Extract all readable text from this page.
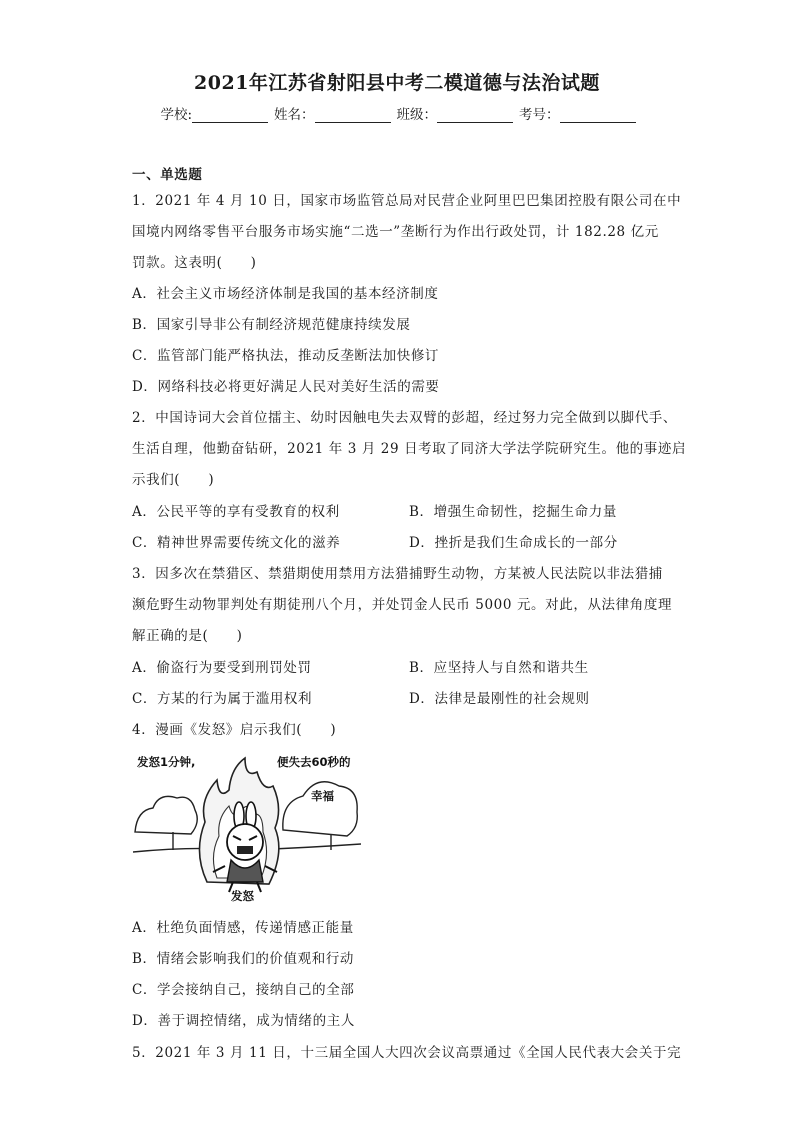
2021年江苏省射阳县中考二模道德与法治试题
学校:	姓名：	班级：	考号：
一、单选题
1．2021 年 4 月 10 日，国家市场监管总局对民营企业阿里巴巴集团控股有限公司在中
国境内网络零售平台服务市场实施“二选一”垄断行为作出行政处罚，计 182.28 亿元
罚款。这表明(　　)
A．社会主义市场经济体制是我国的基本经济制度
B．国家引导非公有制经济规范健康持续发展
C．监管部门能严格执法，推动反垄断法加快修订
D．网络科技必将更好满足人民对美好生活的需要
2．中国诗词大会首位擂主、幼时因触电失去双臂的彭超，经过努力完全做到以脚代手、
生活自理，他勤奋钻研，2021 年 3 月 29 日考取了同济大学法学院研究生。他的事迹启
示我们(　　)
A．公民平等的享有受教育的权利	B．增强生命韧性，挖掘生命力量
C．精神世界需要传统文化的滋养	D．挫折是我们生命成长的一部分
3．因多次在禁猎区、禁猎期使用禁用方法猎捕野生动物，方某被人民法院以非法猎捕
濒危野生动物罪判处有期徒刑八个月，并处罚金人民币 5000 元。对此，从法律角度理
解正确的是(　　)
A．偷盗行为要受到刑罚处罚	B．应坚持人与自然和谐共生
C．方某的行为属于滥用权利	D．法律是最刚性的社会规则
4．漫画《发怒》启示我们(　　)
发怒1分钟,	便失去60秒的
幸福
发怒
A．杜绝负面情感，传递情感正能量
B．情绪会影响我们的价值观和行动
C．学会接纳自己，接纳自己的全部
D．善于调控情绪，成为情绪的主人
5．2021 年 3 月 11 日，十三届全国人大四次会议高票通过《全国人民代表大会关于完
